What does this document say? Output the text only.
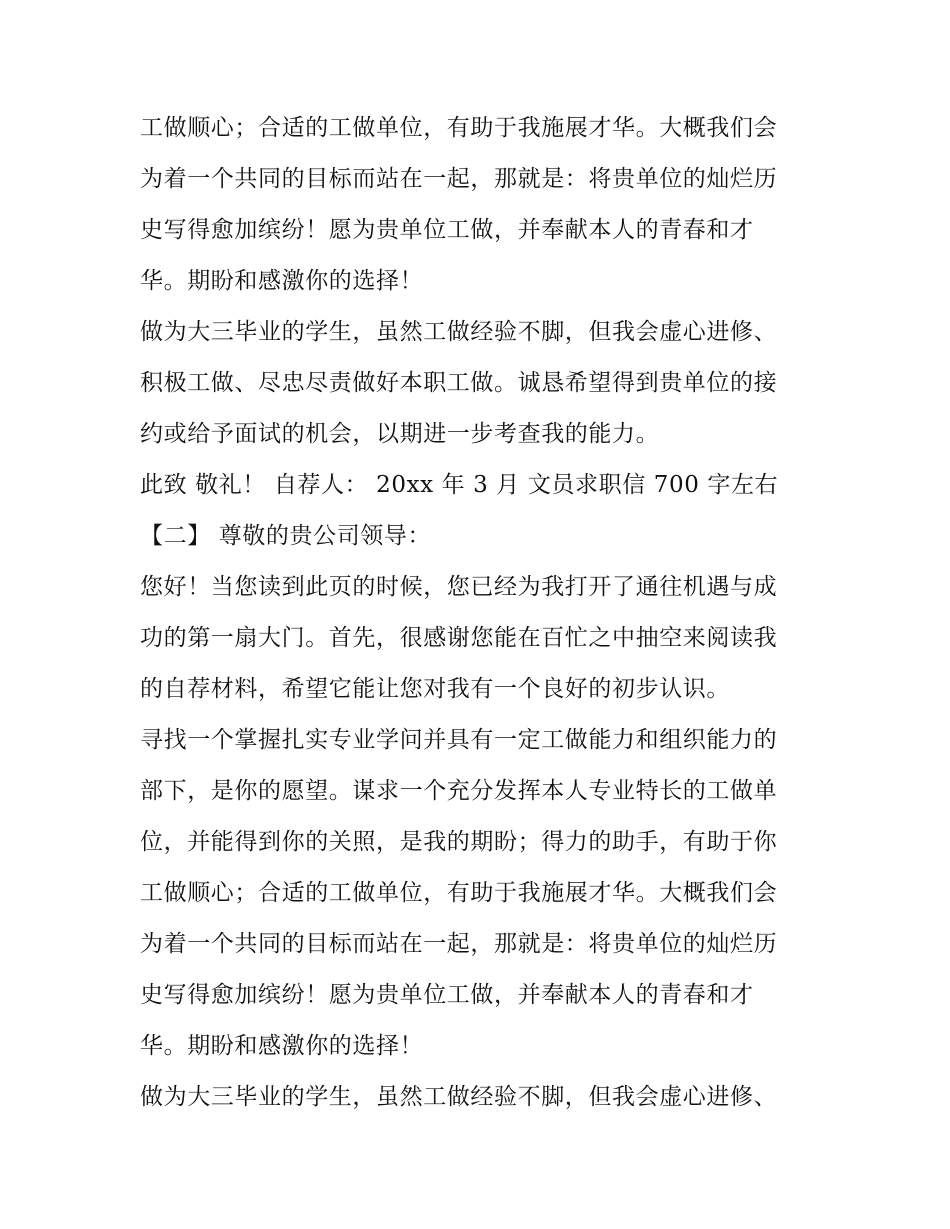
工做顺心；合适的工做单位，有助于我施展才华。大概我们会
为着一个共同的目标而站在一起，那就是：将贵单位的灿烂历
史写得愈加缤纷！愿为贵单位工做，并奉献本人的青春和才
华。期盼和感激你的选择！
做为大三毕业的学生，虽然工做经验不脚，但我会虚心进修、
积极工做、尽忠尽责做好本职工做。诚恳希望得到贵单位的接
约或给予面试的机会，以期进一步考查我的能力。
此致 敬礼！ 自荐人： 20xx 年 3 月 文员求职信 700 字左右
【二】 尊敬的贵公司领导：
您好！当您读到此页的时候，您已经为我打开了通往机遇与成
功的第一扇大门。首先，很感谢您能在百忙之中抽空来阅读我
的自荐材料，希望它能让您对我有一个良好的初步认识。
寻找一个掌握扎实专业学问并具有一定工做能力和组织能力的
部下，是你的愿望。谋求一个充分发挥本人专业特长的工做单
位，并能得到你的关照，是我的期盼；得力的助手，有助于你
工做顺心；合适的工做单位，有助于我施展才华。大概我们会
为着一个共同的目标而站在一起，那就是：将贵单位的灿烂历
史写得愈加缤纷！愿为贵单位工做，并奉献本人的青春和才
华。期盼和感激你的选择！
做为大三毕业的学生，虽然工做经验不脚，但我会虚心进修、
